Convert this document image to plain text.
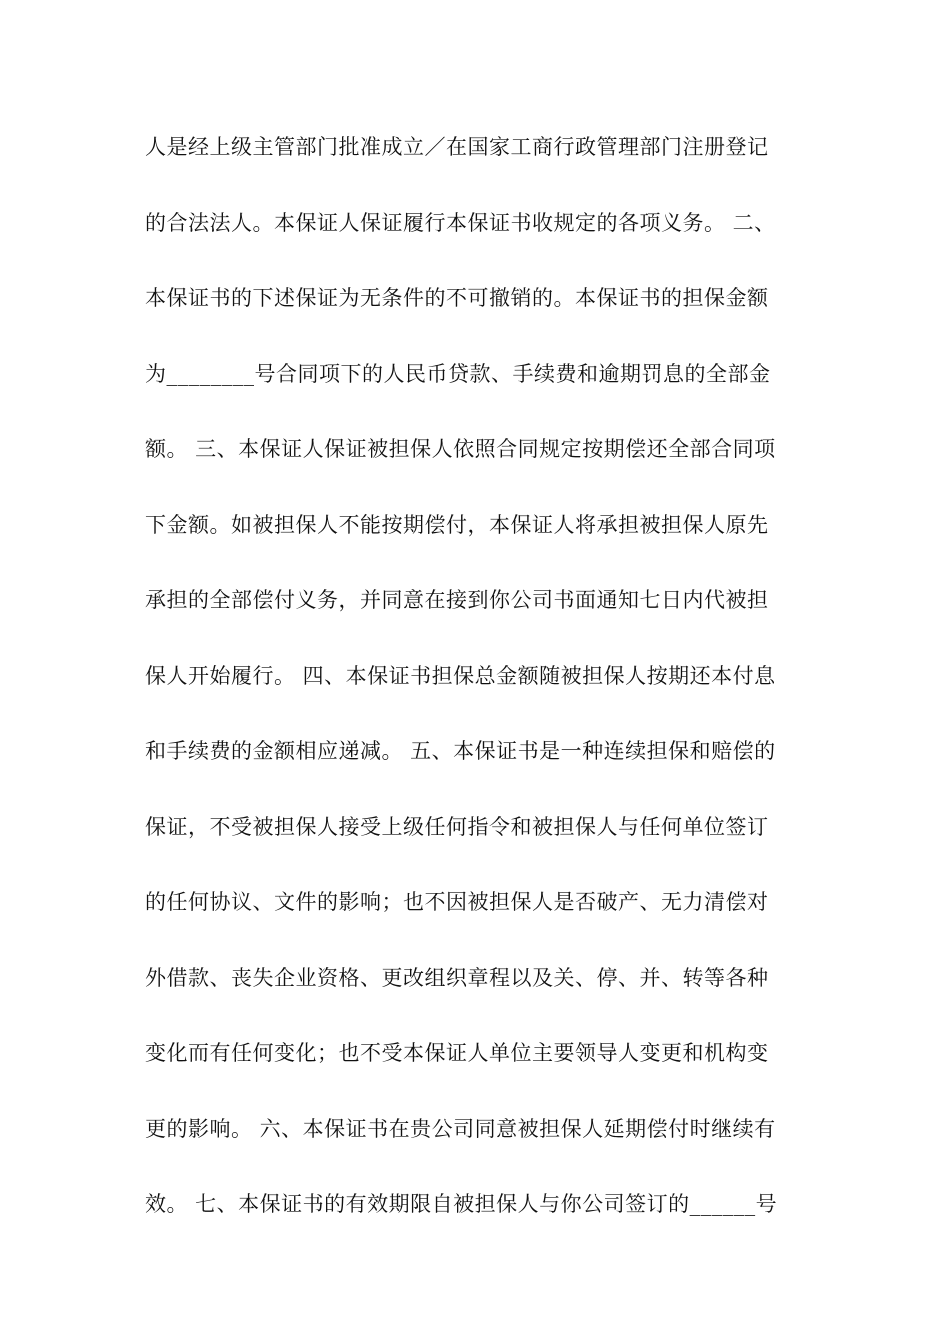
人是经上级主管部门批准成立／在国家工商行政管理部门注册登记
的合法法人。本保证人保证履行本保证书收规定的各项义务。 二、
本保证书的下述保证为无条件的不可撤销的。本保证书的担保金额
为________号合同项下的人民币贷款、手续费和逾期罚息的全部金
额。 三、本保证人保证被担保人依照合同规定按期偿还全部合同项
下金额。如被担保人不能按期偿付，本保证人将承担被担保人原先
承担的全部偿付义务，并同意在接到你公司书面通知七日内代被担
保人开始履行。 四、本保证书担保总金额随被担保人按期还本付息
和手续费的金额相应递减。 五、本保证书是一种连续担保和赔偿的
保证，不受被担保人接受上级任何指令和被担保人与任何单位签订
的任何协议、文件的影响；也不因被担保人是否破产、无力清偿对
外借款、丧失企业资格、更改组织章程以及关、停、并、转等各种
变化而有任何变化；也不受本保证人单位主要领导人变更和机构变
更的影响。 六、本保证书在贵公司同意被担保人延期偿付时继续有
效。 七、本保证书的有效期限自被担保人与你公司签订的______号
